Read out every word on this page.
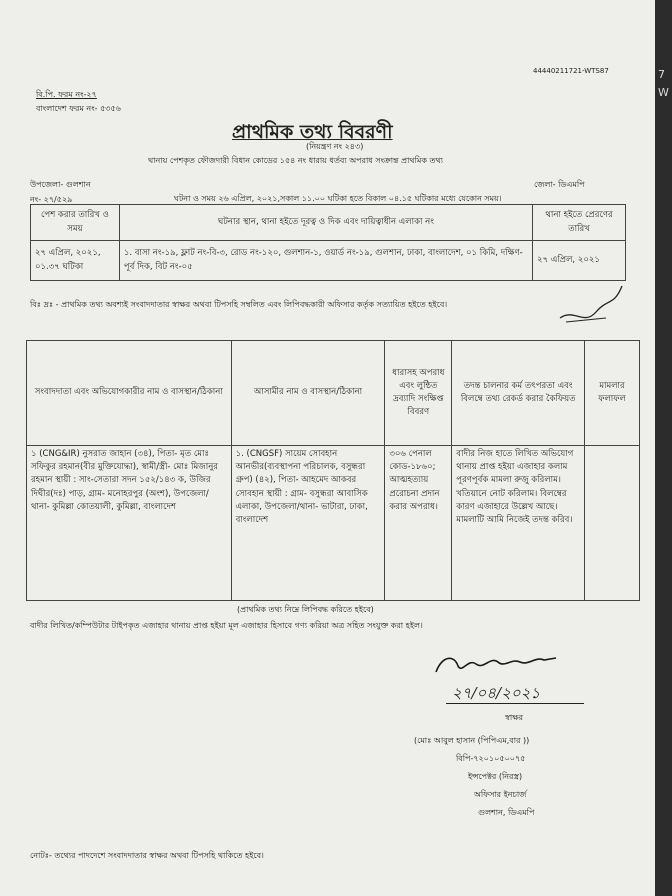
44440211721-WTS87
বি.পি. ফরম নং-২৭
বাংলাদেশ ফরম নং- ৫৩৫৬
প্রাথমিক তথ্য বিবরণী
(নিয়ন্ত্রণ নং ২৪৩)
থানায় পেশকৃত ফৌজদারী বিধান কোডের ১৫৪ নং ধারায় ধর্তব্য অপরাধ সংক্রান্ত প্রাথমিক তথ্য
উপজেলা- গুলশান	জেলা- ডিএমপি
নং- ২৭/৫২৯	ঘটনা ও সময় ২৬ এপ্রিল, ২০২১,সকাল ১১.০০ ঘটিকা হতে বিকাল ০৪.১৫ ঘটিকার মধ্যে যেকোন সময়।
পেশ করার তারিখ ও সময়	ঘটনার স্থান, থানা হইতে দূরত্ব ও দিক এবং দায়িত্বাধীন এলাকা নং	থানা হইতে প্রেরণের তারিখ
২৭ এপ্রিল, ২০২১, ০১.৩৭ ঘটিকা	১. বাসা নং-১৯, ফ্লাট নং-বি-৩, রোড নং-১২০, গুলশান-১, ওয়ার্ড নং-১৯, গুলশান, ঢাকা, বাংলাদেশ, ০১ কিমি, দক্ষিণ-পূর্ব দিক, বিট নং-০৫	২৭ এপ্রিল, ২০২১
বিঃ দ্রঃ - প্রাথমিক তথ্য অবশ্যই সংবাদদাতার স্বাক্ষর অথবা টিপসহি সম্বলিত এবং লিপিবদ্ধকারী অফিসার কর্তৃক সত্যায়িত হইতে হইবে।
সংবাদদাতা এবং অভিযোগকারীর নাম ও বাসস্থান/ঠিকানা	আসামীর নাম ও বাসস্থান/ঠিকানা	ধারাসহ অপরাধ এবং লুন্ঠিত দ্রব্যাদি সংক্ষিপ্ত বিবরণ	তদন্ত চালনার কর্ম তৎপরতা এবং বিলম্বে তথ্য রেকর্ড করার কৈফিয়ত	মামলার ফলাফল
১ (CNG&IR) নুসরাত জাহান (৩৪), পিতা- মৃত মোঃ সফিকুর রহমান(বীর মুক্তিযোদ্ধা), স্বামী/স্ত্রী- মোঃ মিজানুর রহমান স্থায়ী : সাং-সেতারা সদন ১৫২/১৪৩ ক, উজির দিঘীর(দঃ) পাড়, গ্রাম- মনোহরপুর (অংশ), উপজেলা/থানা- কুমিল্লা কোতয়ালী, কুমিল্লা, বাংলাদেশ	১. (CNGSF) সায়েম সোবহান আনভীর(ব্যবস্থাপনা পরিচালক, বসুন্ধরা গ্রুপ) (৪২), পিতা- আহমেদ আকবর সোবহান স্থায়ী : গ্রাম- বসুন্ধরা আবাসিক এলাকা, উপজেলা/থানা- ভাটারা, ঢাকা, বাংলাদেশ	৩০৬ পেনাল কোড-১৮৬০; আত্মহত্যায় প্ররোচনা প্রদান করার অপরাধ।	বাদীর নিজ হাতে লিখিত অভিযোগ থানায় প্রাপ্ত হইয়া এজাহার কলাম পূরণপূর্বক মামলা রুজু করিলাম। খতিয়ানে নোট করিলাম। বিলম্বের কারণ এজাহারে উল্লেখ আছে। মামলাটি আমি নিজেই তদন্ত করিব।	
(প্রাথমিক তথ্য নিম্নে লিপিবদ্ধ করিতে হইবে)
বাদীর লিখিত/কম্পিউটার টাইপকৃত এজাহার থানায় প্রাপ্ত হইয়া মূল এজাহার হিসাবে গণ্য করিয়া অত্র সহিত সংযুক্ত করা হইল।
২৭/০৪/২০২১
স্বাক্ষর
(মোঃ আবুল হাসান (পিপিএম,বার ))
বিপি-৭২০১০৫০০৭৫
ইন্সপেক্টর (নিরস্ত্র)
অফিসার ইনচার্জ
গুলশান, ডিএমপি
নোটঃ- তথ্যের পাদদেশে সংবাদদাতার স্বাক্ষর অথবা টিপসহি থাকিতে হইবে।
7
W
